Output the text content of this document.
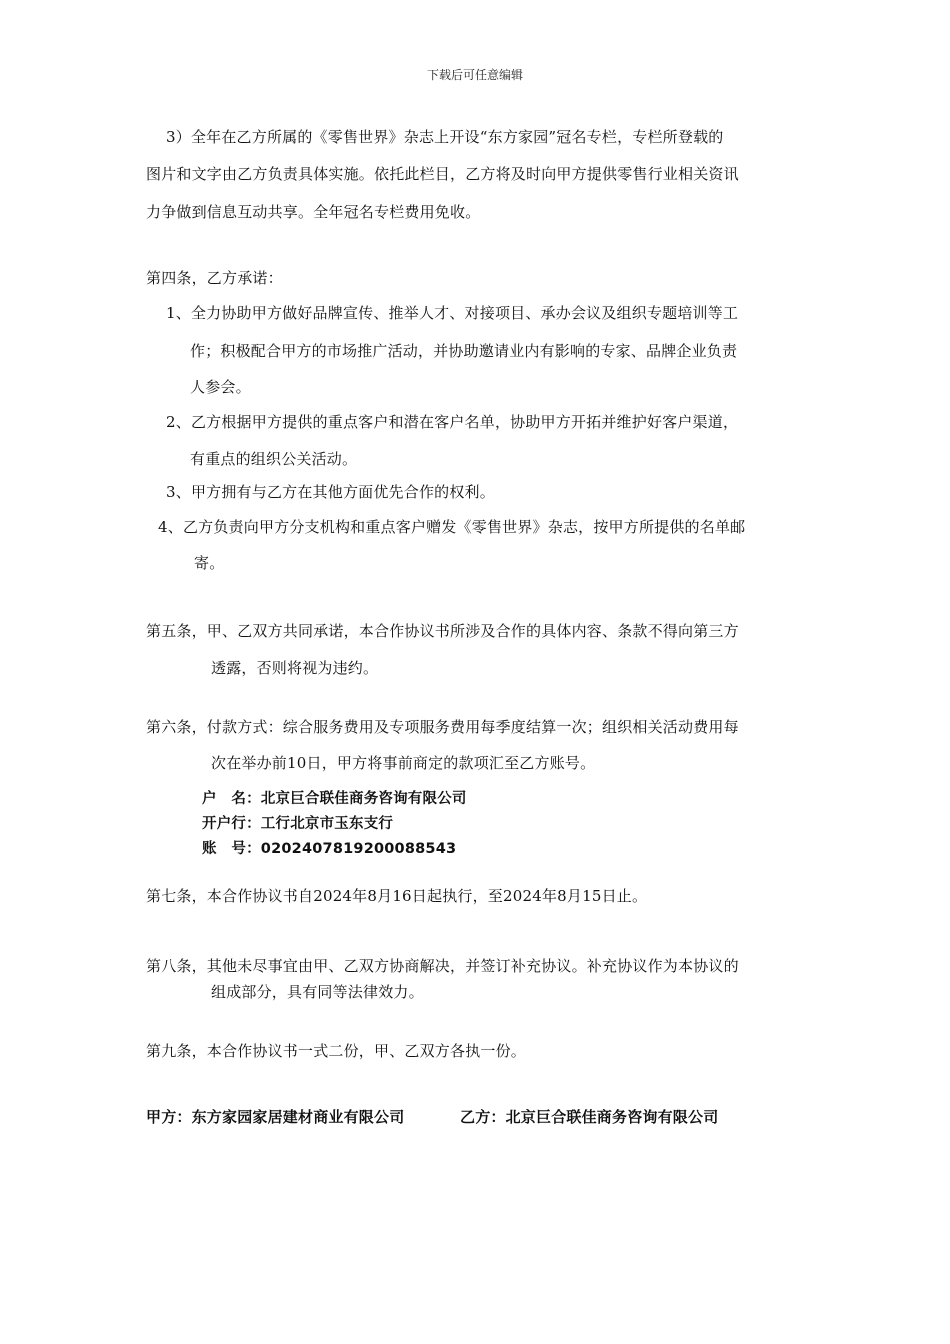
下载后可任意编辑
3）全年在乙方所属的《零售世界》杂志上开设“东方家园”冠名专栏，专栏所登载的
图片和文字由乙方负责具体实施。依托此栏目，乙方将及时向甲方提供零售行业相关资讯
力争做到信息互动共享。全年冠名专栏费用免收。
第四条，乙方承诺：
1、全力协助甲方做好品牌宣传、推举人才、对接项目、承办会议及组织专题培训等工
作；积极配合甲方的市场推广活动，并协助邀请业内有影响的专家、品牌企业负责
人参会。
2、乙方根据甲方提供的重点客户和潜在客户名单，协助甲方开拓并维护好客户渠道，
有重点的组织公关活动。
3、甲方拥有与乙方在其他方面优先合作的权利。
4、乙方负责向甲方分支机构和重点客户赠发《零售世界》杂志，按甲方所提供的名单邮
寄。
第五条，甲、乙双方共同承诺，本合作协议书所涉及合作的具体内容、条款不得向第三方
透露，否则将视为违约。
第六条，付款方式：综合服务费用及专项服务费用每季度结算一次；组织相关活动费用每
次在举办前10日，甲方将事前商定的款项汇至乙方账号。
户　名：北京巨合联佳商务咨询有限公司
开户行：工行北京市玉东支行
账　号：0202407819200088543
第七条，本合作协议书自2024年8月16日起执行，至2024年8月15日止。
第八条，其他未尽事宜由甲、乙双方协商解决，并签订补充协议。补充协议作为本协议的
组成部分，具有同等法律效力。
第九条，本合作协议书一式二份，甲、乙双方各执一份。
甲方：东方家园家居建材商业有限公司	乙方：北京巨合联佳商务咨询有限公司
